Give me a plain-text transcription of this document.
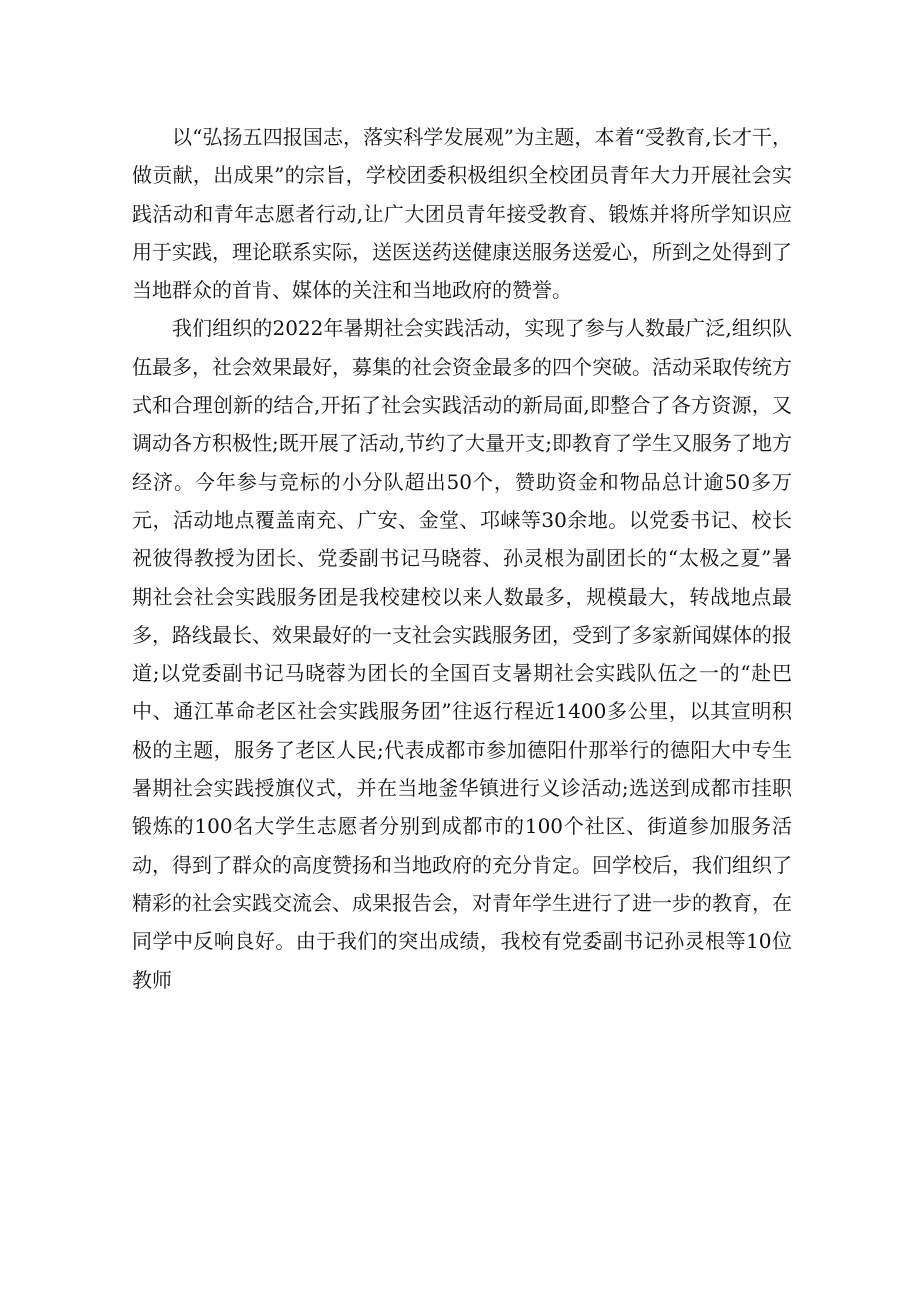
以“弘扬五四报国志，落实科学发展观”为主题，本着“受教育,长才干，做贡献，出成果”的宗旨，学校团委积极组织全校团员青年大力开展社会实践活动和青年志愿者行动,让广大团员青年接受教育、锻炼并将所学知识应用于实践，理论联系实际，送医送药送健康送服务送爱心，所到之处得到了当地群众的首肯、媒体的关注和当地政府的赞誉。

我们组织的2022年暑期社会实践活动，实现了参与人数最广泛,组织队伍最多，社会效果最好，募集的社会资金最多的四个突破。活动采取传统方式和合理创新的结合,开拓了社会实践活动的新局面,即整合了各方资源，又调动各方积极性;既开展了活动,节约了大量开支;即教育了学生又服务了地方经济。今年参与竞标的小分队超出50个，赞助资金和物品总计逾50多万元，活动地点覆盖南充、广安、金堂、邛崃等30余地。以党委书记、校长祝彼得教授为团长、党委副书记马晓蓉、孙灵根为副团长的“太极之夏”暑期社会社会实践服务团是我校建校以来人数最多，规模最大，转战地点最多，路线最长、效果最好的一支社会实践服务团，受到了多家新闻媒体的报道;以党委副书记马晓蓉为团长的全国百支暑期社会实践队伍之一的“赴巴中、通江革命老区社会实践服务团”往返行程近1400多公里，以其宣明积极的主题，服务了老区人民;代表成都市参加德阳什那举行的德阳大中专生暑期社会实践授旗仪式，并在当地釜华镇进行义诊活动;选送到成都市挂职锻炼的100名大学生志愿者分别到成都市的100个社区、街道参加服务活动，得到了群众的高度赞扬和当地政府的充分肯定。回学校后，我们组织了精彩的社会实践交流会、成果报告会，对青年学生进行了进一步的教育，在同学中反响良好。由于我们的突出成绩，我校有党委副书记孙灵根等10位教师
